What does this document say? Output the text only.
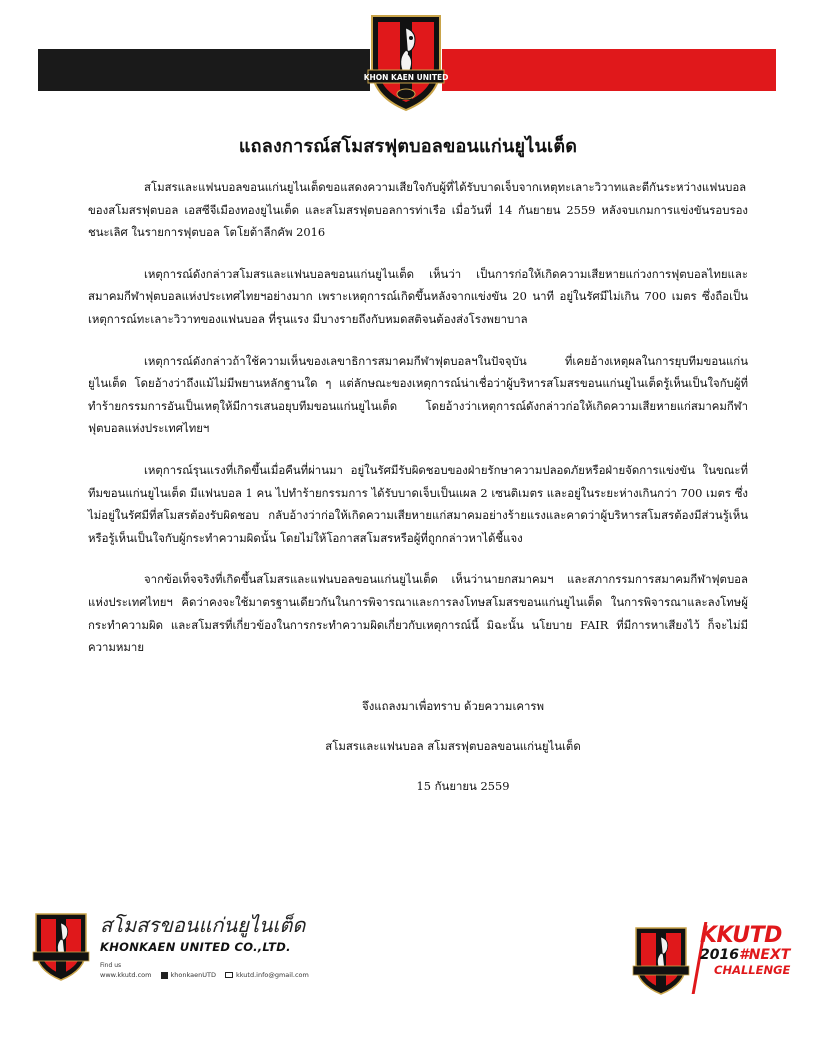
KHON KAEN UNITED
แถลงการณ์สโมสรฟุตบอลขอนแก่นยูไนเต็ด

สโมสรและแฟนบอลขอนแก่นยูไนเต็ดขอแสดงความเสียใจกับผู้ที่ได้รับบาดเจ็บจากเหตุทะเลาะวิวาทและตีกันระหว่างแฟนบอลของสโมสรฟุตบอล เอสซีจีเมืองทองยูไนเต็ด และสโมสรฟุตบอลการท่าเรือ เมื่อวันที่ 14 กันยายน 2559 หลังจบเกมการแข่งขันรอบรองชนะเลิศ ในรายการฟุตบอล โตโยต้าลีกคัพ 2016

เหตุการณ์ดังกล่าวสโมสรและแฟนบอลขอนแก่นยูไนเต็ด เห็นว่า เป็นการก่อให้เกิดความเสียหายแก่วงการฟุตบอลไทยและสมาคมกีฬาฟุตบอลแห่งประเทศไทยฯอย่างมาก เพราะเหตุการณ์เกิดขึ้นหลังจากแข่งขัน 20 นาที อยู่ในรัศมีไม่เกิน 700 เมตร ซึ่งถือเป็นเหตุการณ์ทะเลาะวิวาทของแฟนบอล ที่รุนแรง มีบางรายถึงกับหมดสติจนต้องส่งโรงพยาบาล

เหตุการณ์ดังกล่าวถ้าใช้ความเห็นของเลขาธิการสมาคมกีฬาฟุตบอลฯในปัจจุบัน ที่เคยอ้างเหตุผลในการยุบทีมขอนแก่นยูไนเต็ด โดยอ้างว่าถึงแม้ไม่มีพยานหลักฐานใด ๆ แต่ลักษณะของเหตุการณ์น่าเชื่อว่าผู้บริหารสโมสรขอนแก่นยูไนเต็ดรู้เห็นเป็นใจกับผู้ที่ทำร้ายกรรมการอันเป็นเหตุให้มีการเสนอยุบทีมขอนแก่นยูไนเต็ด โดยอ้างว่าเหตุการณ์ดังกล่าวก่อให้เกิดความเสียหายแก่สมาคมกีฬาฟุตบอลแห่งประเทศไทยฯ

เหตุการณ์รุนแรงที่เกิดขึ้นเมื่อคืนที่ผ่านมา อยู่ในรัศมีรับผิดชอบของฝ่ายรักษาความปลอดภัยหรือฝ่ายจัดการแข่งขัน ในขณะที่ทีมขอนแก่นยูไนเต็ด มีแฟนบอล 1 คน ไปทำร้ายกรรมการ ได้รับบาดเจ็บเป็นแผล 2 เซนติเมตร และอยู่ในระยะห่างเกินกว่า 700 เมตร ซึ่งไม่อยู่ในรัศมีที่สโมสรต้องรับผิดชอบ กลับอ้างว่าก่อให้เกิดความเสียหายแก่สมาคมอย่างร้ายแรงและคาดว่าผู้บริหารสโมสรต้องมีส่วนรู้เห็นหรือรู้เห็นเป็นใจกับผู้กระทำความผิดนั้น โดยไม่ให้โอกาสสโมสรหรือผู้ที่ถูกกล่าวหาได้ชี้แจง

จากข้อเท็จจริงที่เกิดขึ้นสโมสรและแฟนบอลขอนแก่นยูไนเต็ด เห็นว่านายกสมาคมฯ และสภากรรมการสมาคมกีฬาฟุตบอลแห่งประเทศไทยฯ คิดว่าคงจะใช้มาตรฐานเดียวกันในการพิจารณาและการลงโทษสโมสรขอนแก่นยูไนเต็ด ในการพิจารณาและลงโทษผู้กระทำความผิด และสโมสรที่เกี่ยวข้องในการกระทำความผิดเกี่ยวกับเหตุการณ์นี้ มิฉะนั้น นโยบาย FAIR ที่มีการหาเสียงไว้ ก็จะไม่มีความหมาย

จึงแถลงมาเพื่อทราบ ด้วยความเคารพ
สโมสรและแฟนบอล สโมสรฟุตบอลขอนแก่นยูไนเต็ด
15 กันยายน 2559
สโมสรขอนแก่นยูไนเต็ด
KHONKAEN UNITED CO.,LTD.
Find us
www.kkutd.com	khonkaenUTD	kkutd.info@gmail.com
KKUTD
2016#NEXT
CHALLENGE
